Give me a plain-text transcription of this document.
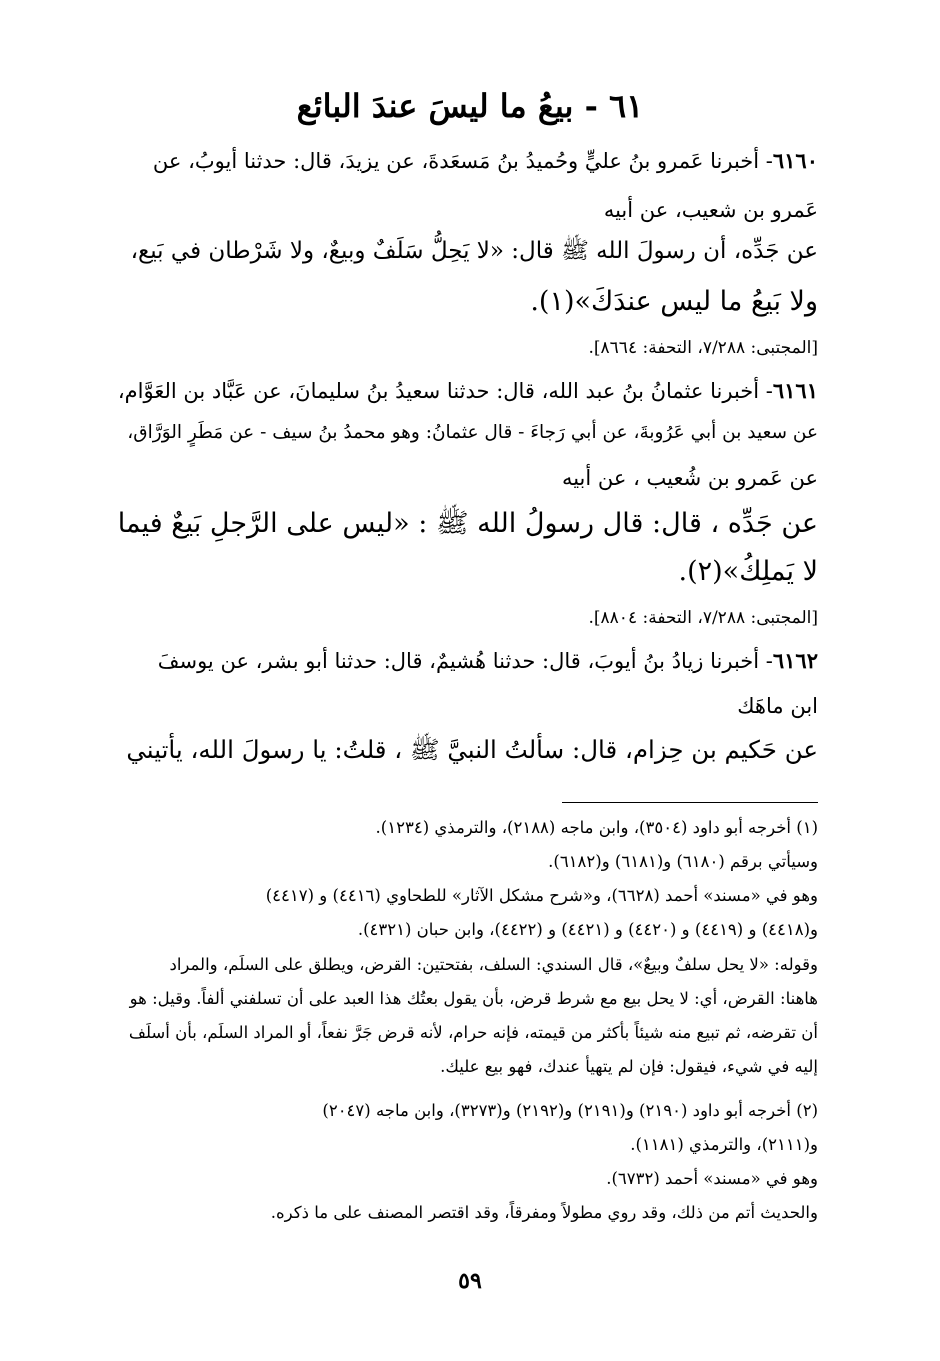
٦١ - بيعُ ما ليسَ عندَ البائع
٦١٦٠- أخبرنا عَمرو بنُ عليٍّ وحُميدُ بنُ مَسعَدةَ، عن يزيدَ، قال: حدثنا أيوبُ، عن
عَمرو بن شعيب، عن أبيه
عن جَدِّه، أن رسولَ الله ﷺ قال: «لا يَحِلُّ سَلَفٌ وبيعٌ، ولا شَرْطان في بَيع،
ولا بَيعُ ما ليس عندَكَ»(١).
[المجتبى: ٧/٢٨٨، التحفة: ٨٦٦٤].
٦١٦١- أخبرنا عثمانُ بنُ عبد الله، قال: حدثنا سعيدُ بنُ سليمانَ، عن عَبَّاد بن العَوَّام،
عن سعيد بن أبي عَرُوبةَ، عن أبي رَجاءَ - قال عثمانُ: وهو محمدُ بنُ سيف - عن مَطَرٍ الوَرَّاق،
عن عَمرو بن شُعيب ، عن أبيه
عن جَدِّه ، قال: قال رسولُ الله ﷺ : «ليس على الرَّجلِ بَيعٌ فيما
لا يَملِكُ»(٢).
[المجتبى: ٧/٢٨٨، التحفة: ٨٨٠٤].
٦١٦٢- أخبرنا زيادُ بنُ أيوبَ، قال: حدثنا هُشيمٌ، قال: حدثنا أبو بشر، عن يوسفَ
ابن ماهَك
عن حَكيم بن حِزام، قال: سألتُ النبيَّ ﷺ ، قلتُ: يا رسولَ الله، يأتيني
(١) أخرجه أبو داود (٣٥٠٤)، وابن ماجه (٢١٨٨)، والترمذي (١٢٣٤).
وسيأتي برقم (٦١٨٠) و(٦١٨١) و(٦١٨٢).
وهو في «مسند» أحمد (٦٦٢٨)، و«شرح مشكل الآثار» للطحاوي (٤٤١٦) و (٤٤١٧)
و(٤٤١٨) و (٤٤١٩) و (٤٤٢٠) و (٤٤٢١) و (٤٤٢٢)، وابن حبان (٤٣٢١).
وقوله: «لا يحل سلفٌ وبيعٌ»، قال السندي: السلف، بفتحتين: القرض، ويطلق على السلَم، والمراد
هاهنا: القرض، أي: لا يحل بيع مع شرط قرض، بأن يقول بعتُك هذا العبد على أن تسلفني ألفاً. وقيل: هو
أن تقرضه، ثم تبيع منه شيئاً بأكثر من قيمته، فإنه حرام، لأنه قرض جَرَّ نفعاً، أو المراد السلَم، بأن أسلَف
إليه في شيء، فيقول: فإن لم يتهيأ عندك، فهو بيع عليك.
(٢) أخرجه أبو داود (٢١٩٠) و(٢١٩١) و(٢١٩٢) و(٣٢٧٣)، وابن ماجه (٢٠٤٧)
و(٢١١١)، والترمذي (١١٨١).
وهو في «مسند» أحمد (٦٧٣٢).
والحديث أتم من ذلك، وقد روي مطولاً ومفرقاً، وقد اقتصر المصنف على ما ذكره.
٥٩
